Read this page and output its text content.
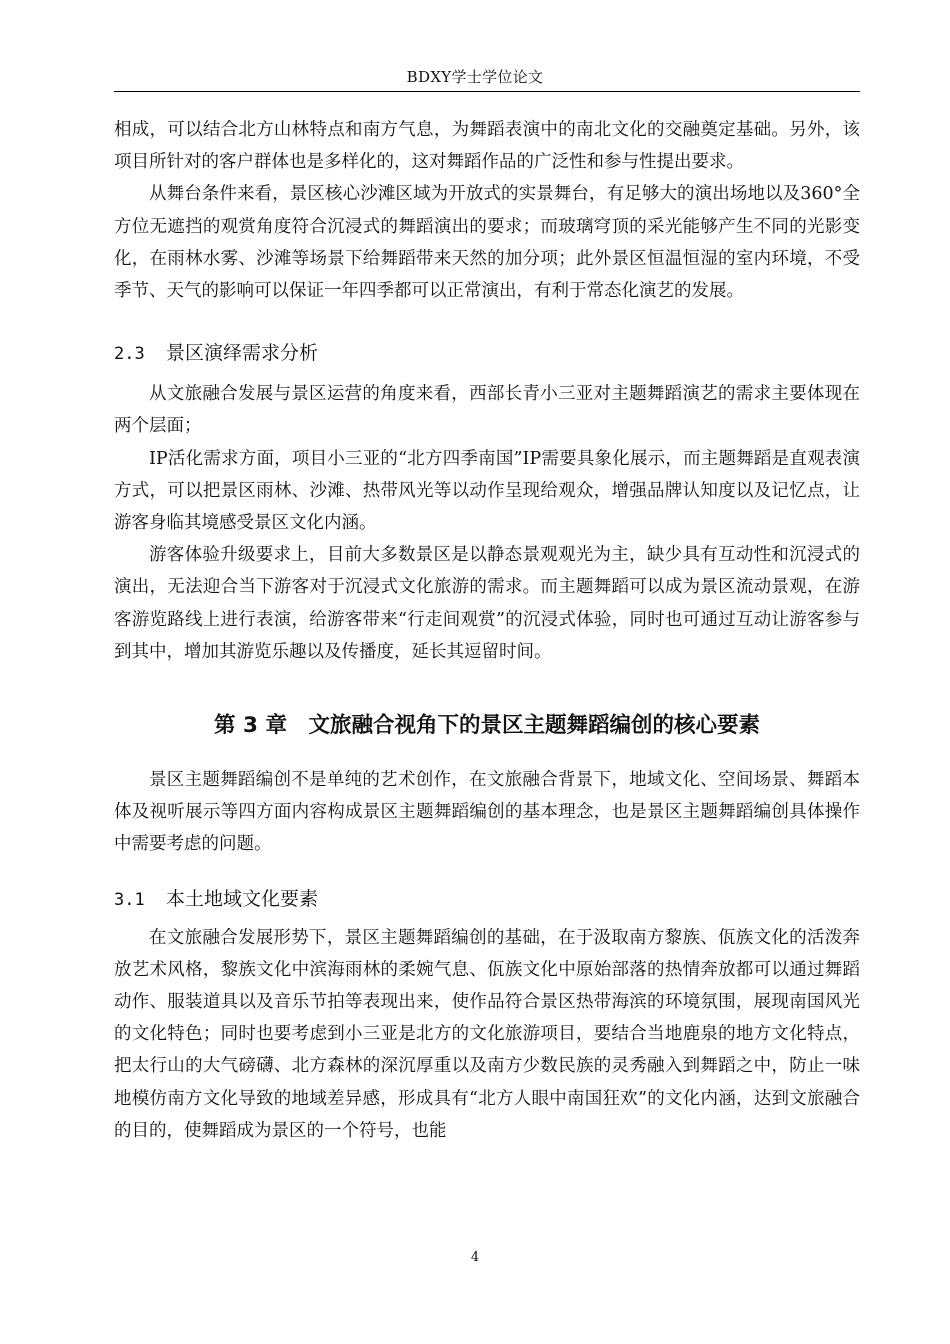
BDXY学士学位论文

相成，可以结合北方山林特点和南方气息，为舞蹈表演中的南北文化的交融奠定基础。另外，该项目所针对的客户群体也是多样化的，这对舞蹈作品的广泛性和参与性提出要求。

从舞台条件来看，景区核心沙滩区域为开放式的实景舞台，有足够大的演出场地以及360°全方位无遮挡的观赏角度符合沉浸式的舞蹈演出的要求；而玻璃穹顶的采光能够产生不同的光影变化，在雨林水雾、沙滩等场景下给舞蹈带来天然的加分项；此外景区恒温恒湿的室内环境，不受季节、天气的影响可以保证一年四季都可以正常演出，有利于常态化演艺的发展。

2.3 景区演绎需求分析

从文旅融合发展与景区运营的角度来看，西部长青小三亚对主题舞蹈演艺的需求主要体现在两个层面；

IP活化需求方面，项目小三亚的“北方四季南国”IP需要具象化展示，而主题舞蹈是直观表演方式，可以把景区雨林、沙滩、热带风光等以动作呈现给观众，增强品牌认知度以及记忆点，让游客身临其境感受景区文化内涵。

游客体验升级要求上，目前大多数景区是以静态景观观光为主，缺少具有互动性和沉浸式的演出，无法迎合当下游客对于沉浸式文化旅游的需求。而主题舞蹈可以成为景区流动景观，在游客游览路线上进行表演，给游客带来“行走间观赏”的沉浸式体验，同时也可通过互动让游客参与到其中，增加其游览乐趣以及传播度，延长其逗留时间。

第 3 章　文旅融合视角下的景区主题舞蹈编创的核心要素

景区主题舞蹈编创不是单纯的艺术创作，在文旅融合背景下，地域文化、空间场景、舞蹈本体及视听展示等四方面内容构成景区主题舞蹈编创的基本理念，也是景区主题舞蹈编创具体操作中需要考虑的问题。

3.1 本土地域文化要素

在文旅融合发展形势下，景区主题舞蹈编创的基础，在于汲取南方黎族、佤族文化的活泼奔放艺术风格，黎族文化中滨海雨林的柔婉气息、佤族文化中原始部落的热情奔放都可以通过舞蹈动作、服装道具以及音乐节拍等表现出来，使作品符合景区热带海滨的环境氛围，展现南国风光的文化特色；同时也要考虑到小三亚是北方的文化旅游项目，要结合当地鹿泉的地方文化特点，把太行山的大气磅礴、北方森林的深沉厚重以及南方少数民族的灵秀融入到舞蹈之中，防止一味地模仿南方文化导致的地域差异感，形成具有“北方人眼中南国狂欢”的文化内涵，达到文旅融合的目的，使舞蹈成为景区的一个符号，也能

4
